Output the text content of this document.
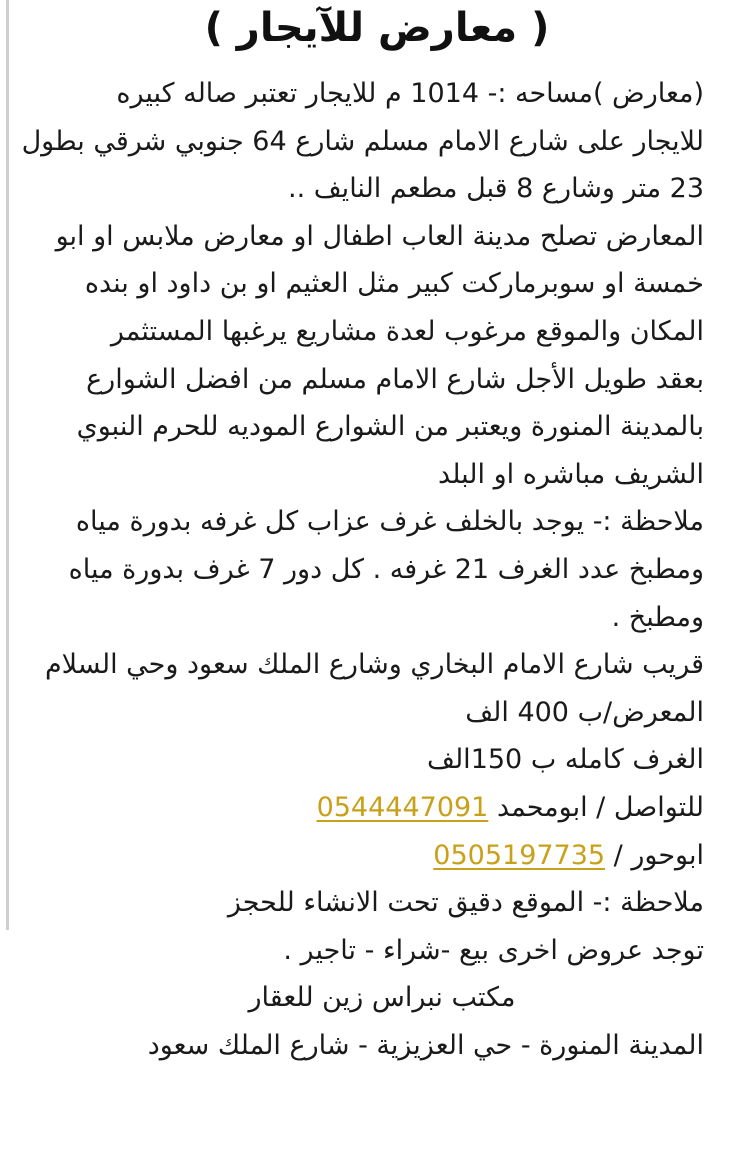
( معارض للآيجار )

(معارض )مساحه :- 1014 م للايجار تعتبر صاله كبيره

للايجار على شارع الامام مسلم شارع 64 جنوبي شرقي بطول

23 متر وشارع 8 قبل مطعم النايف ..

المعارض تصلح مدينة العاب اطفال او معارض ملابس او ابو

خمسة او سوبرماركت كبير مثل العثيم او بن داود او بنده

المكان والموقع مرغوب لعدة مشاريع يرغبها المستثمر

بعقد طويل الأجل شارع الامام مسلم من افضل الشوارع

بالمدينة المنورة ويعتبر من الشوارع الموديه للحرم النبوي

الشريف مباشره او البلد

ملاحظة :- يوجد بالخلف غرف عزاب كل غرفه بدورة مياه

ومطبخ عدد الغرف 21 غرفه . كل دور 7 غرف بدورة مياه

ومطبخ .

قريب شارع الامام البخاري وشارع الملك سعود وحي السلام

المعرض/ب 400 الف

الغرف كامله ب 150الف

للتواصل / ابومحمد 0544447091

ابوحور / 0505197735

ملاحظة :- الموقع دقيق تحت الانشاء للحجز

توجد عروض اخرى بيع -شراء - تاجير .

مكتب نبراس زين للعقار

المدينة المنورة - حي العزيزية - شارع الملك سعود
